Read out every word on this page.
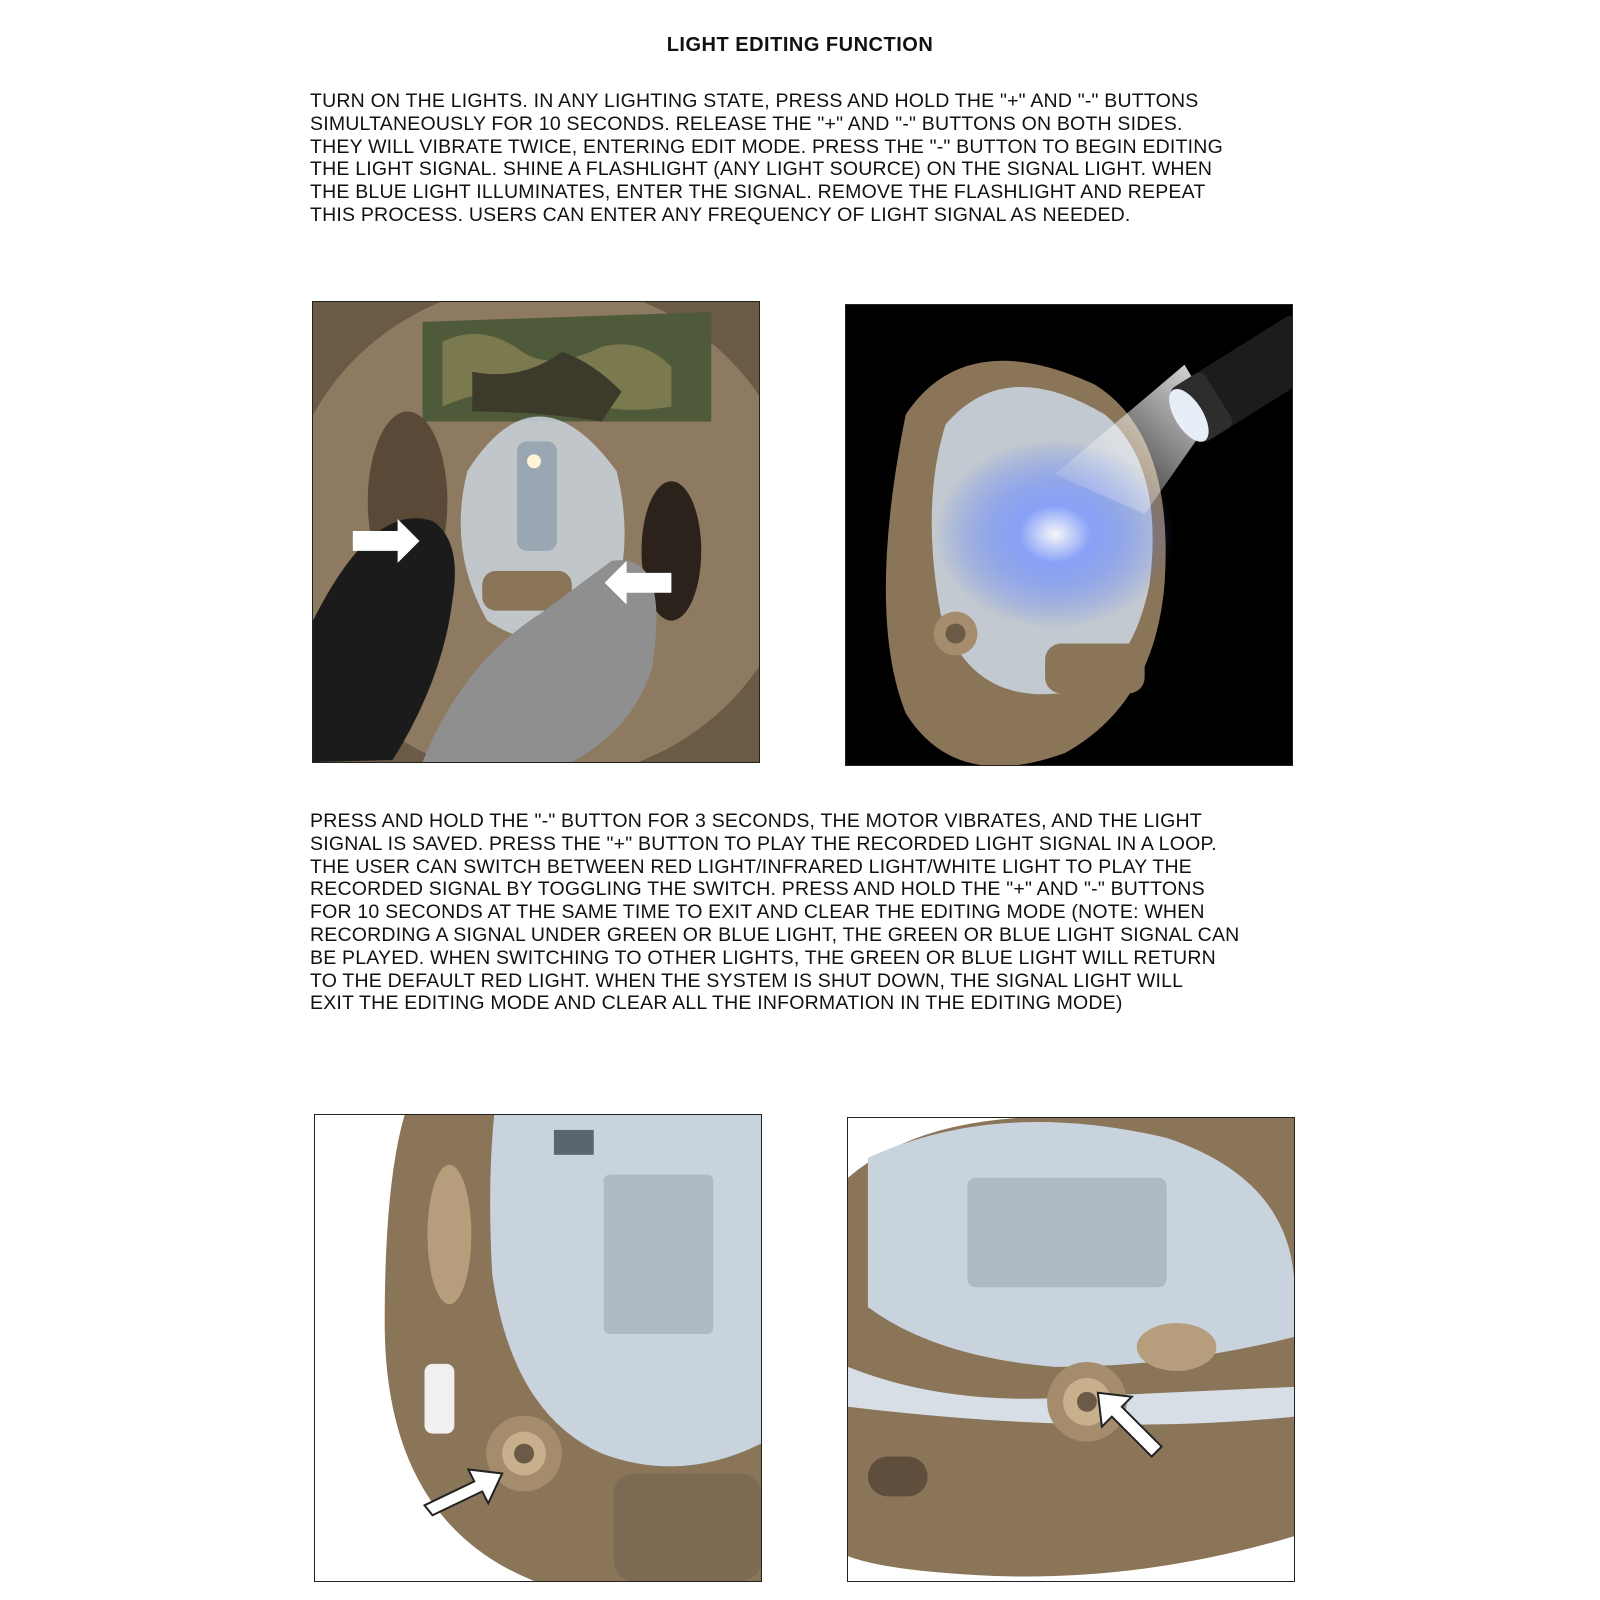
LIGHT EDITING FUNCTION
TURN ON THE LIGHTS. IN ANY LIGHTING STATE, PRESS AND HOLD THE "+" AND "-" BUTTONS
SIMULTANEOUSLY FOR 10 SECONDS. RELEASE THE "+" AND "-" BUTTONS ON BOTH SIDES.
THEY WILL VIBRATE TWICE, ENTERING EDIT MODE. PRESS THE "-" BUTTON TO BEGIN EDITING
THE LIGHT SIGNAL. SHINE A FLASHLIGHT (ANY LIGHT SOURCE) ON THE SIGNAL LIGHT. WHEN
THE BLUE LIGHT ILLUMINATES, ENTER THE SIGNAL. REMOVE THE FLASHLIGHT AND REPEAT
THIS PROCESS. USERS CAN ENTER ANY FREQUENCY OF LIGHT SIGNAL AS NEEDED.
PRESS AND HOLD THE "-" BUTTON FOR 3 SECONDS, THE MOTOR VIBRATES, AND THE LIGHT
SIGNAL IS SAVED. PRESS THE "+" BUTTON TO PLAY THE RECORDED LIGHT SIGNAL IN A LOOP.
THE USER CAN SWITCH BETWEEN RED LIGHT/INFRARED LIGHT/WHITE LIGHT TO PLAY THE
RECORDED SIGNAL BY TOGGLING THE SWITCH. PRESS AND HOLD THE "+" AND "-" BUTTONS
FOR 10 SECONDS AT THE SAME TIME TO EXIT AND CLEAR THE EDITING MODE (NOTE: WHEN
RECORDING A SIGNAL UNDER GREEN OR BLUE LIGHT, THE GREEN OR BLUE LIGHT SIGNAL CAN
BE PLAYED. WHEN SWITCHING TO OTHER LIGHTS, THE GREEN OR BLUE LIGHT WILL RETURN
TO THE DEFAULT RED LIGHT. WHEN THE SYSTEM IS SHUT DOWN, THE SIGNAL LIGHT WILL
EXIT THE EDITING MODE AND CLEAR ALL THE INFORMATION IN THE EDITING MODE)
